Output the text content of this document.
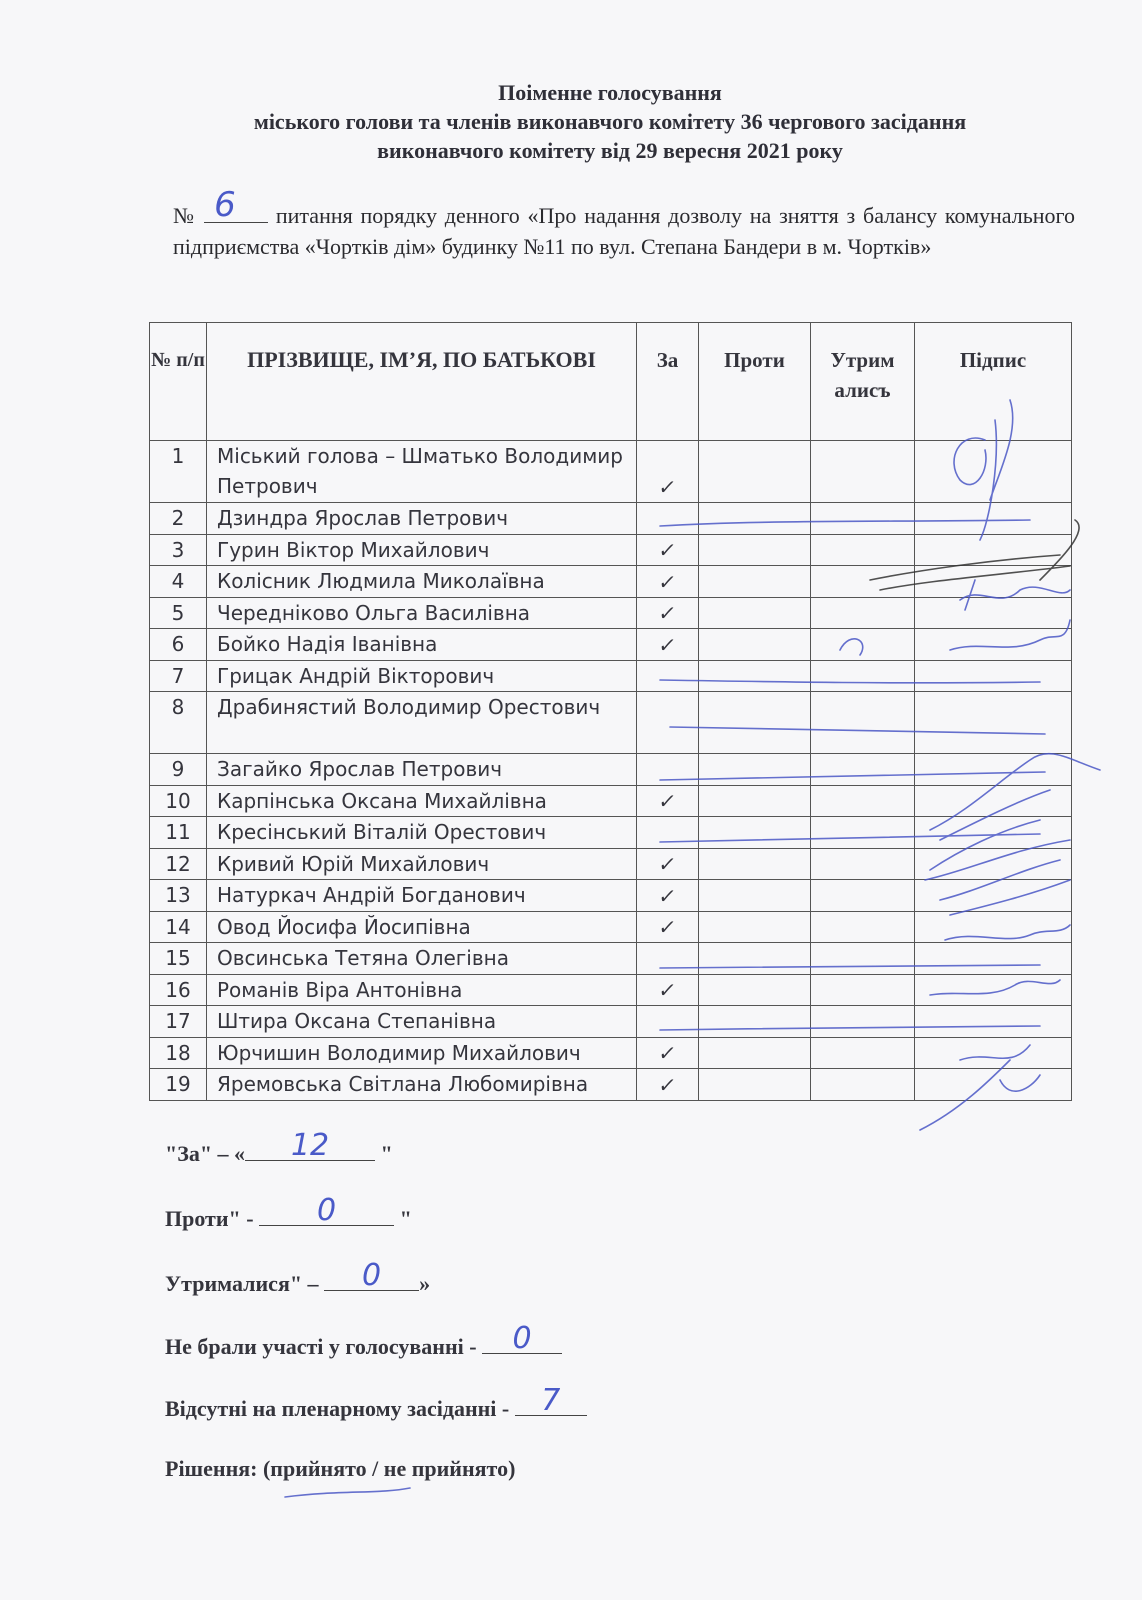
Поіменне голосування
міського голови та членів виконавчого комітету 36 чергового засідання
виконавчого комітету від 29 вересня 2021 року
№ 6 питання порядку денного «Про надання дозволу на зняття з балансу комунального підприємства «Чортків дім» будинку №11 по вул. Степана Бандери в м. Чортків»
№ п/п	ПРІЗВИЩЕ, ІМ’Я, ПО БАТЬКОВІ	За	Проти	Утрим алисъ	Підпис
1	Міський голова – Шматько Володимир Петрович	✓			
2	Дзиндра Ярослав Петрович				
3	Гурин Віктор Михайлович	✓			
4	Колісник Людмила Миколаївна	✓			
5	Чередніково Ольга Василівна	✓			
6	Бойко Надія Іванівна	✓			
7	Грицак Андрій Вікторович				
8	Драбинястий Володимир Орестович				
9	Загайко Ярослав Петрович				
10	Карпінська Оксана Михайлівна	✓			
11	Кресінський Віталій Орестович				
12	Кривий Юрій Михайлович	✓			
13	Натуркач Андрій Богданович	✓			
14	Овод Йосифа Йосипівна	✓			
15	Овсинська Тетяна Олегівна				
16	Романів Віра Антонівна	✓			
17	Штира Оксана Степанівна				
18	Юрчишин Володимир Михайлович	✓			
19	Яремовська Світлана Любомирівна	✓			
"За" – «	12	"
Проти" -	0	"
Утрималися" –	0	»
Не брали участі у голосуванні -	0
Відсутні на пленарному засіданні - 7
Рішення: (прийнято / не прийнято)
